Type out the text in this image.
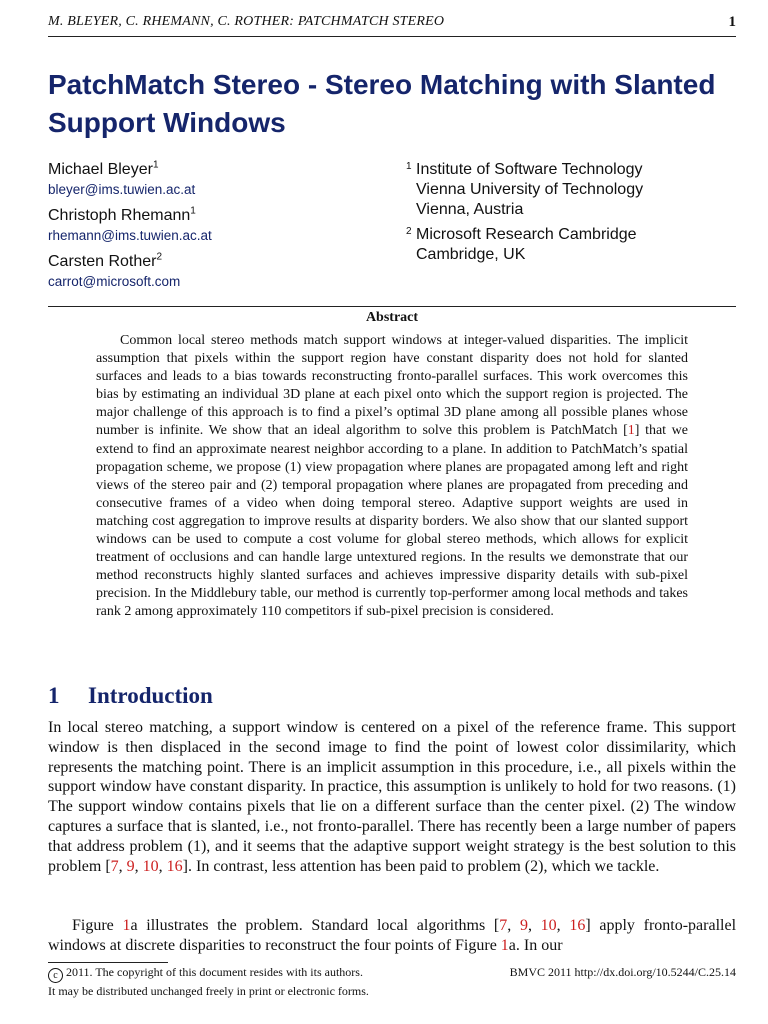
M. BLEYER, C. RHEMANN, C. ROTHER: PATCHMATCH STEREO	1
PatchMatch Stereo - Stereo Matching with Slanted Support Windows
Michael Bleyer$^1$
bleyer@ims.tuwien.ac.at
Christoph Rhemann$^1$
rhemann@ims.tuwien.ac.at
Carsten Rother$^2$
carrot@microsoft.com
1 Institute of Software Technology
Vienna University of Technology
Vienna, Austria
2 Microsoft Research Cambridge
Cambridge, UK
Abstract

Common local stereo methods match support windows at integer-valued disparities. The implicit assumption that pixels within the support region have constant disparity does not hold for slanted surfaces and leads to a bias towards reconstructing fronto-parallel surfaces. This work overcomes this bias by estimating an individual 3D plane at each pixel onto which the support region is projected. The major challenge of this approach is to find a pixel’s optimal 3D plane among all possible planes whose number is infinite. We show that an ideal algorithm to solve this problem is PatchMatch [1] that we extend to find an approximate nearest neighbor according to a plane. In addition to PatchMatch’s spatial propagation scheme, we propose (1) view propagation where planes are propagated among left and right views of the stereo pair and (2) temporal propagation where planes are propagated from preceding and consecutive frames of a video when doing temporal stereo. Adaptive support weights are used in matching cost aggregation to improve results at disparity borders. We also show that our slanted support windows can be used to compute a cost volume for global stereo methods, which allows for explicit treatment of occlusions and can handle large untextured regions. In the results we demonstrate that our method reconstructs highly slanted surfaces and achieves impressive disparity details with sub-pixel precision. In the Middlebury table, our method is currently top-performer among local methods and takes rank 2 among approximately 110 competitors if sub-pixel precision is considered.

1 Introduction

In local stereo matching, a support window is centered on a pixel of the reference frame. This support window is then displaced in the second image to find the point of lowest color dissimilarity, which represents the matching point. There is an implicit assumption in this procedure, i.e., all pixels within the support window have constant disparity. In practice, this assumption is unlikely to hold for two reasons. (1) The support window contains pixels that lie on a different surface than the center pixel. (2) The window captures a surface that is slanted, i.e., not fronto-parallel. There has recently been a large number of papers that address problem (1), and it seems that the adaptive support weight strategy is the best solution to this problem [7, 9, 10, 16]. In contrast, less attention has been paid to problem (2), which we tackle.

Figure 1a illustrates the problem. Standard local algorithms [7, 9, 10, 16] apply fronto-parallel windows at discrete disparities to reconstruct the four points of Figure 1a. In our

c 2011. The copyright of this document resides with its authors.
It may be distributed unchanged freely in print or electronic forms.
BMVC 2011 http://dx.doi.org/10.5244/C.25.14
